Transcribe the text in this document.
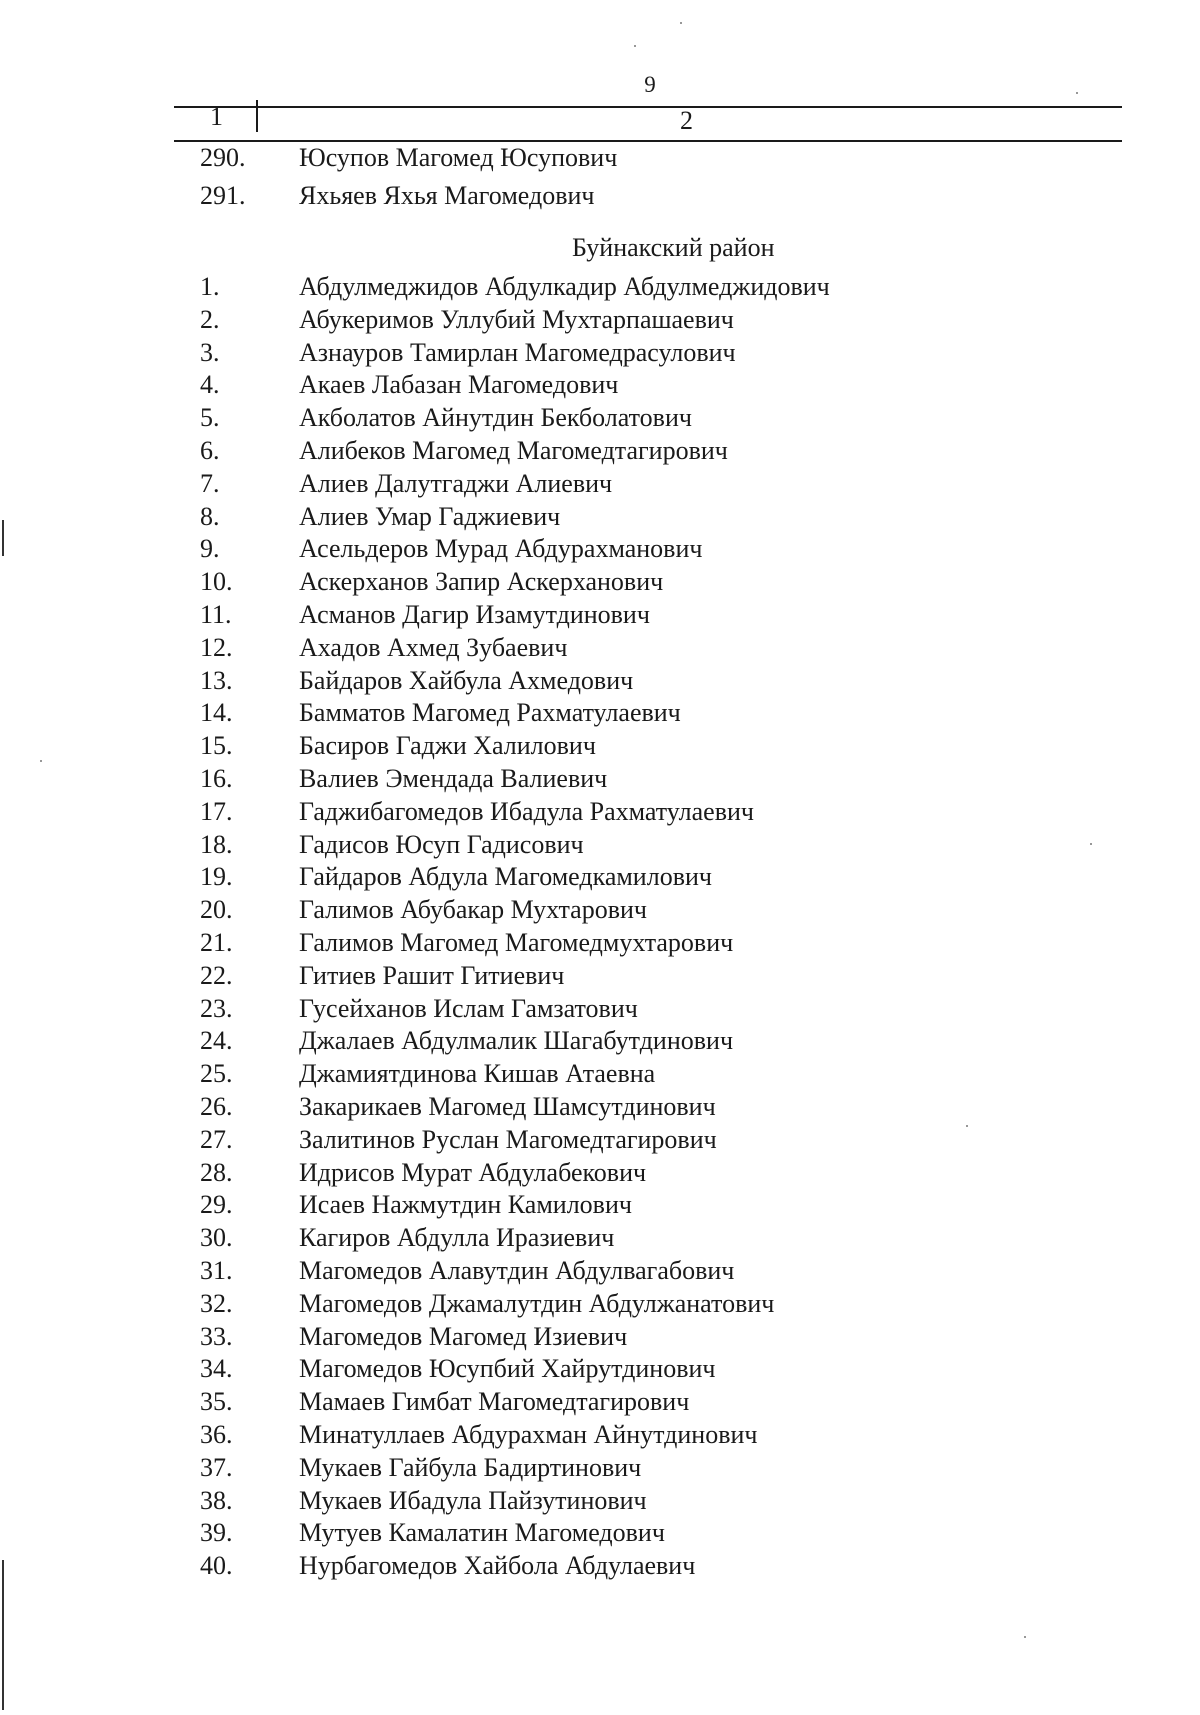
9
1	2
290.	Юсупов Магомед Юсупович
291.	Яхьяев Яхья Магомедович
Буйнакский район
1.	Абдулмеджидов Абдулкадир Абдулмеджидович
2.	Абукеримов Уллубий Мухтарпашаевич
3.	Азнауров Тамирлан Магомедрасулович
4.	Акаев Лабазан Магомедович
5.	Акболатов Айнутдин Бекболатович
6.	Алибеков Магомед Магомедтагирович
7.	Алиев Далутгаджи Алиевич
8.	Алиев Умар Гаджиевич
9.	Асельдеров Мурад Абдурахманович
10.	Аскерханов Запир Аскерханович
11.	Асманов Дагир Изамутдинович
12.	Ахадов Ахмед Зубаевич
13.	Байдаров Хайбула Ахмедович
14.	Бамматов Магомед Рахматулаевич
15.	Басиров Гаджи Халилович
16.	Валиев Эмендада Валиевич
17.	Гаджибагомедов Ибадула Рахматулаевич
18.	Гадисов Юсуп Гадисович
19.	Гайдаров Абдула Магомедкамилович
20.	Галимов Абубакар Мухтарович
21.	Галимов Магомед Магомедмухтарович
22.	Гитиев Рашит Гитиевич
23.	Гусейханов Ислам Гамзатович
24.	Джалаев Абдулмалик Шагабутдинович
25.	Джамиятдинова Кишав Атаевна
26.	Закарикаев Магомед Шамсутдинович
27.	Залитинов Руслан Магомедтагирович
28.	Идрисов Мурат Абдулабекович
29.	Исаев Нажмутдин Камилович
30.	Кагиров Абдулла Иразиевич
31.	Магомедов Алавутдин Абдулвагабович
32.	Магомедов Джамалутдин Абдулжанатович
33.	Магомедов Магомед Изиевич
34.	Магомедов Юсупбий Хайрутдинович
35.	Мамаев Гимбат Магомедтагирович
36.	Минатуллаев Абдурахман Айнутдинович
37.	Мукаев Гайбула Бадиртинович
38.	Мукаев Ибадула Пайзутинович
39.	Мутуев Камалатин Магомедович
40.	Нурбагомедов Хайбола Абдулаевич
